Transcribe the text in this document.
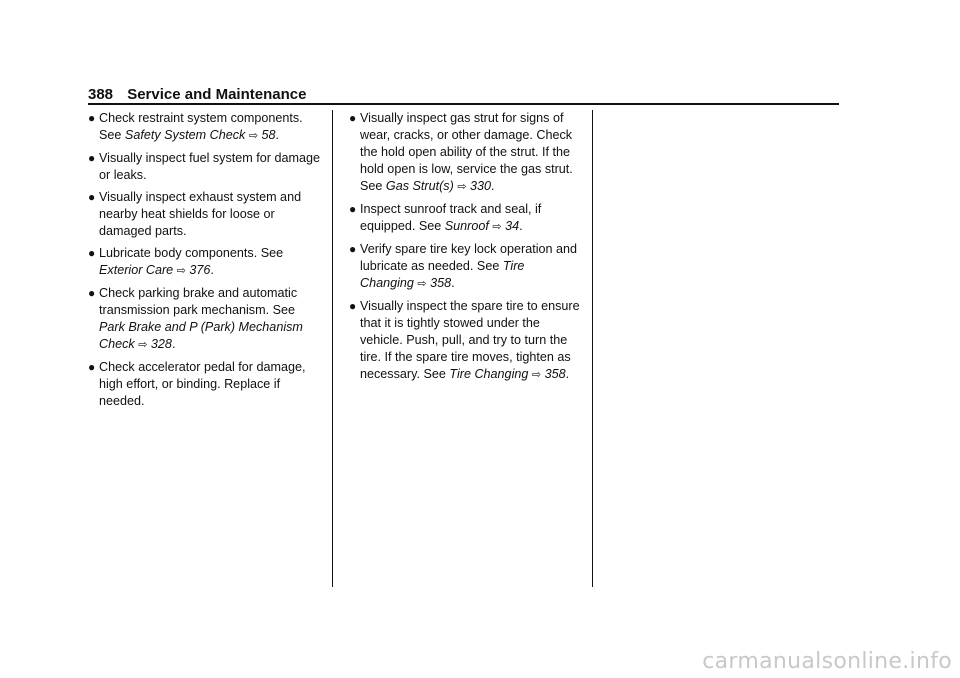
388 Service and Maintenance
● Check restraint system components. See Safety System Check ⇨ 58.
● Visually inspect fuel system for damage or leaks.
● Visually inspect exhaust system and nearby heat shields for loose or damaged parts.
● Lubricate body components. See Exterior Care ⇨ 376.
● Check parking brake and automatic transmission park mechanism. See Park Brake and P (Park) Mechanism Check ⇨ 328.
● Check accelerator pedal for damage, high effort, or binding. Replace if needed.
● Visually inspect gas strut for signs of wear, cracks, or other damage. Check the hold open ability of the strut. If the hold open is low, service the gas strut. See Gas Strut(s) ⇨ 330.
● Inspect sunroof track and seal, if equipped. See Sunroof ⇨ 34.
● Verify spare tire key lock operation and lubricate as needed. See Tire Changing ⇨ 358.
● Visually inspect the spare tire to ensure that it is tightly stowed under the vehicle. Push, pull, and try to turn the tire. If the spare tire moves, tighten as necessary. See Tire Changing ⇨ 358.
carmanualsonline.info
